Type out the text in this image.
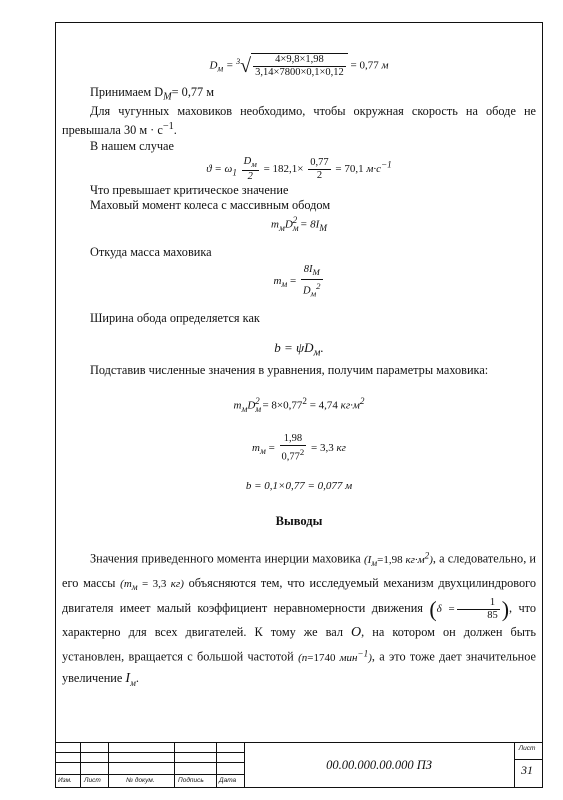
$D_м = ^3√ \frac{4\times 9,8\times 1,98}{3,14\times 7800\times 0,1\times 0,12} = 0,77$ м

Принимаем $D_M= 0,77$ м

Для чугунных маховиков необходимо, чтобы окружная скорость на ободе не превышала 30 $м \cdot с^{-1}$.

В нашем случае

$ϑ = \omega_1 \frac{D_м}{2} = 182,1\times \frac{0,77}{2} = 70,1$ $м\cdot с^{-1}$

Что превышает критическое значение

Маховый момент колеса с массивным ободом

$m_мD_м^2 = 8I_M$

Откуда масса маховика

$m_м = \frac{8I_M}{D_м^2}$

Ширина обода определяется как

$b = \psi D_м$.

Подставив численные значения в уравнения, получим параметры маховика:

$m_мD_м^2 = 8\times 0,77^2 = 4,74$ $кг\cdot м^2$
$m_м = \frac{1,98}{0,77^2} = 3,3$ кг
b = 0,1×0,77 = 0,077 м
Выводы

Значения приведенного момента инерции маховика ($I_м=1,98$ $кг\cdot м^2$), а следовательно, и его массы ($m_м = 3,3$ кг) объясняются тем, что исследуемый механизм двухцилиндрового двигателя имеет малый коэффициент неравномерности движения ($\delta = \frac{1}{85}$ ), что характерно для всех двигателей. К тому же вал O, на котором он должен быть установлен, вращается с большой частотой (n=1740 мин$^{-1}$), а это тоже дает значительное увеличение $I_м$.

Изм. Лист	№ докум.	Подпись Дата
00.00.000.00.000 ПЗ
Лист
31
